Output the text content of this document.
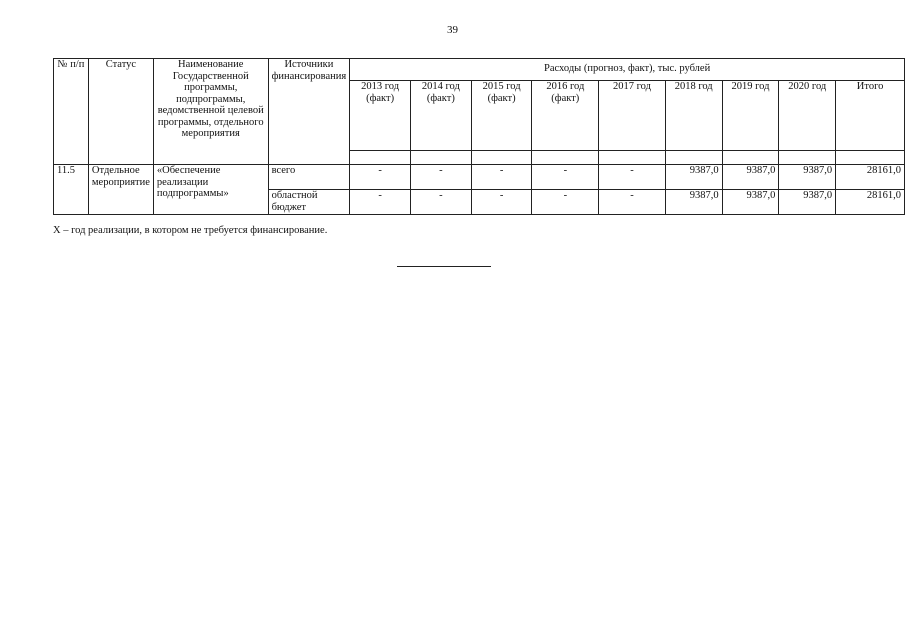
39
№ п/п	Статус	Наименование Государственной программы, подпрограммы, ведомственной целевой программы, отдельного мероприятия	Источники финансирования	Расходы (прогноз, факт), тыс. рублей								
				2013 год (факт)	2014 год (факт)	2015 год (факт)	2016 год (факт)	2017 год	2018 год	2019 год	2020 год	Итого

11.5	Отдельное мероприятие	«Обеспечение реализации подпрограммы»	всего	-	-	-	-	-	9387,0	9387,0	9387,0	28161,0
			областной бюджет	-	-	-	-	-	9387,0	9387,0	9387,0	28161,0
Х – год реализации, в котором не требуется финансирование.
